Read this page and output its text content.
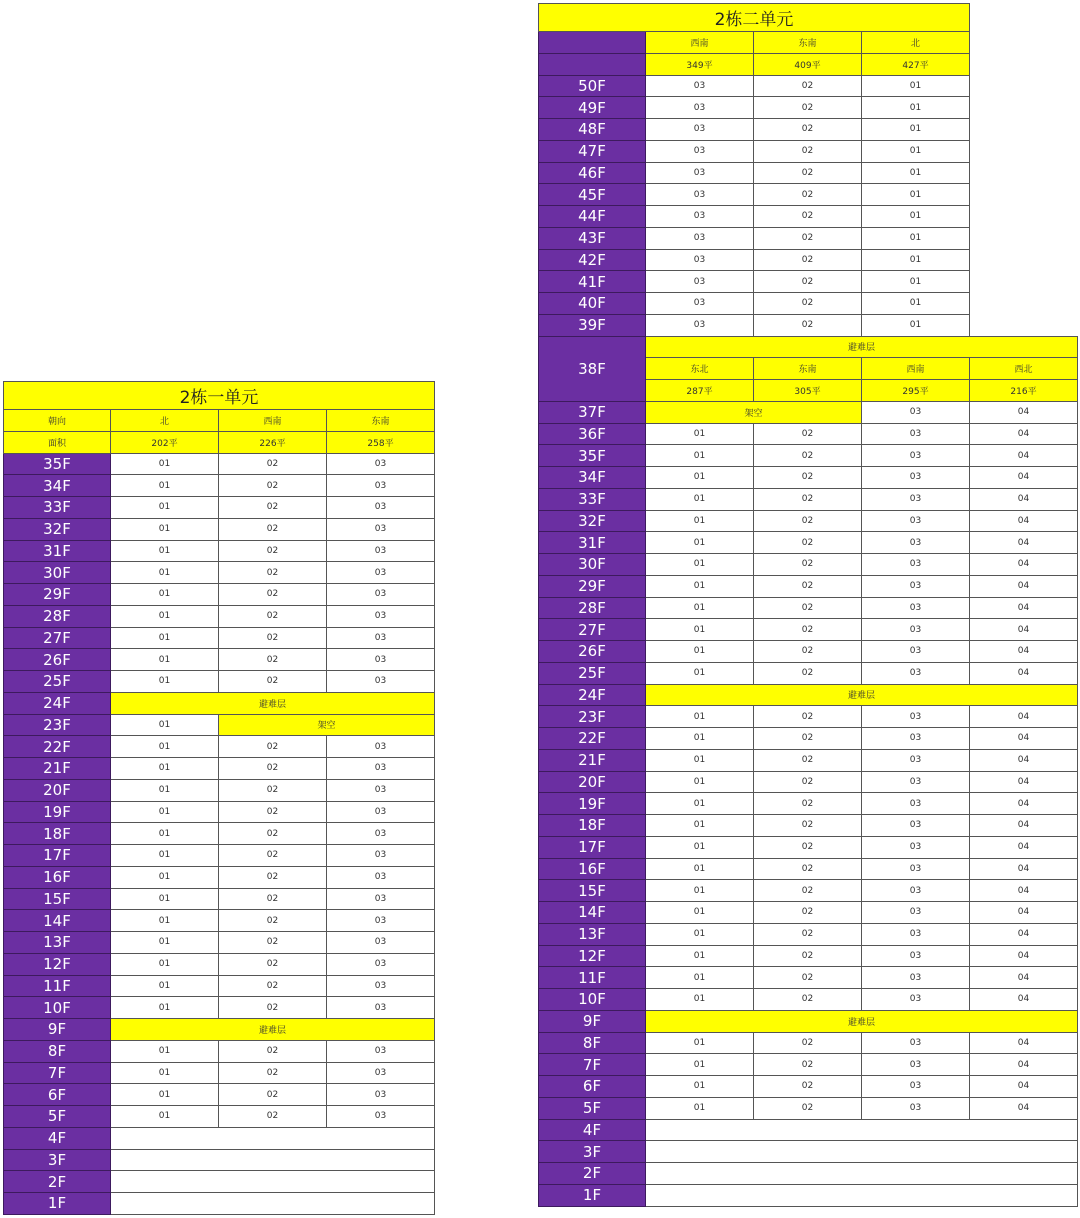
2栋一单元			
朝向	北	西南	东南
面积	202平	226平	258平
35F	01	02	03
34F	01	02	03
33F	01	02	03
32F	01	02	03
31F	01	02	03
30F	01	02	03
29F	01	02	03
28F	01	02	03
27F	01	02	03
26F	01	02	03
25F	01	02	03
24F	避难层		
23F	01	架空	
22F	01	02	03
21F	01	02	03
20F	01	02	03
19F	01	02	03
18F	01	02	03
17F	01	02	03
16F	01	02	03
15F	01	02	03
14F	01	02	03
13F	01	02	03
12F	01	02	03
11F	01	02	03
10F	01	02	03
9F	避难层		
8F	01	02	03
7F	01	02	03
6F	01	02	03
5F	01	02	03
4F			
3F			
2F			
1F			
2栋二单元				
	西南	东南	北	
	349平	409平	427平	
50F	03	02	01	
49F	03	02	01	
48F	03	02	01	
47F	03	02	01	
46F	03	02	01	
45F	03	02	01	
44F	03	02	01	
43F	03	02	01	
42F	03	02	01	
41F	03	02	01	
40F	03	02	01	
39F	03	02	01	
38F	避难层			
	东北	东南	西南	西北
	287平	305平	295平	216平
37F	架空		03	04
36F	01	02	03	04
35F	01	02	03	04
34F	01	02	03	04
33F	01	02	03	04
32F	01	02	03	04
31F	01	02	03	04
30F	01	02	03	04
29F	01	02	03	04
28F	01	02	03	04
27F	01	02	03	04
26F	01	02	03	04
25F	01	02	03	04
24F	避难层			
23F	01	02	03	04
22F	01	02	03	04
21F	01	02	03	04
20F	01	02	03	04
19F	01	02	03	04
18F	01	02	03	04
17F	01	02	03	04
16F	01	02	03	04
15F	01	02	03	04
14F	01	02	03	04
13F	01	02	03	04
12F	01	02	03	04
11F	01	02	03	04
10F	01	02	03	04
9F	避难层			
8F	01	02	03	04
7F	01	02	03	04
6F	01	02	03	04
5F	01	02	03	04
4F				
3F				
2F				
1F				
